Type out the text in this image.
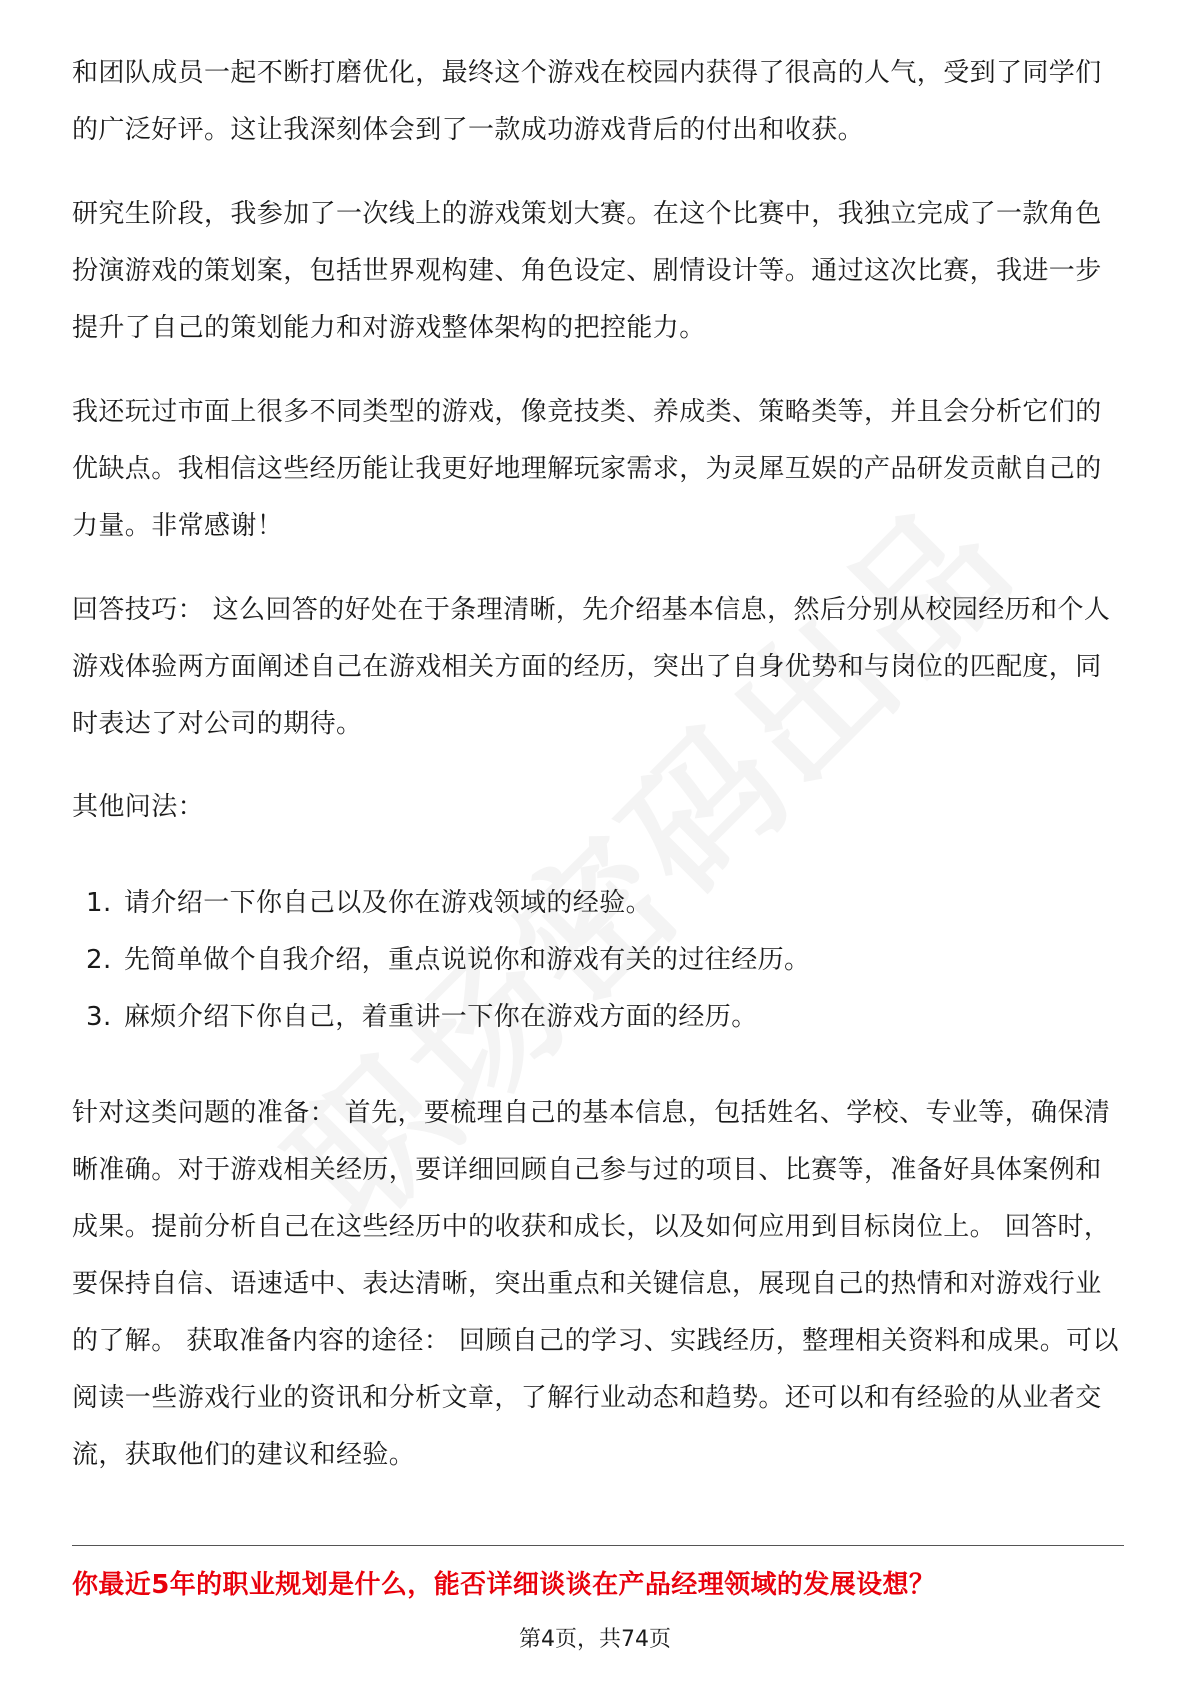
和团队成员一起不断打磨优化，最终这个游戏在校园内获得了很高的人气，受到了同学们的广泛好评。这让我深刻体会到了一款成功游戏背后的付出和收获。

研究生阶段，我参加了一次线上的游戏策划大赛。在这个比赛中，我独立完成了一款角色扮演游戏的策划案，包括世界观构建、角色设定、剧情设计等。通过这次比赛，我进一步提升了自己的策划能力和对游戏整体架构的把控能力。

我还玩过市面上很多不同类型的游戏，像竞技类、养成类、策略类等，并且会分析它们的优缺点。我相信这些经历能让我更好地理解玩家需求，为灵犀互娱的产品研发贡献自己的力量。非常感谢！

回答技巧： 这么回答的好处在于条理清晰，先介绍基本信息，然后分别从校园经历和个人游戏体验两方面阐述自己在游戏相关方面的经历，突出了自身优势和与岗位的匹配度，同时表达了对公司的期待。

其他问法：

1. 请介绍一下你自己以及你在游戏领域的经验。
2. 先简单做个自我介绍，重点说说你和游戏有关的过往经历。
3. 麻烦介绍下你自己，着重讲一下你在游戏方面的经历。

针对这类问题的准备： 首先，要梳理自己的基本信息，包括姓名、学校、专业等，确保清晰准确。对于游戏相关经历，要详细回顾自己参与过的项目、比赛等，准备好具体案例和成果。提前分析自己在这些经历中的收获和成长，以及如何应用到目标岗位上。 回答时，要保持自信、语速适中、表达清晰，突出重点和关键信息，展现自己的热情和对游戏行业的了解。 获取准备内容的途径： 回顾自己的学习、实践经历，整理相关资料和成果。可以阅读一些游戏行业的资讯和分析文章，了解行业动态和趋势。还可以和有经验的从业者交流，获取他们的建议和经验。

你最近5年的职业规划是什么，能否详细谈谈在产品经理领域的发展设想？

第4页，共74页
